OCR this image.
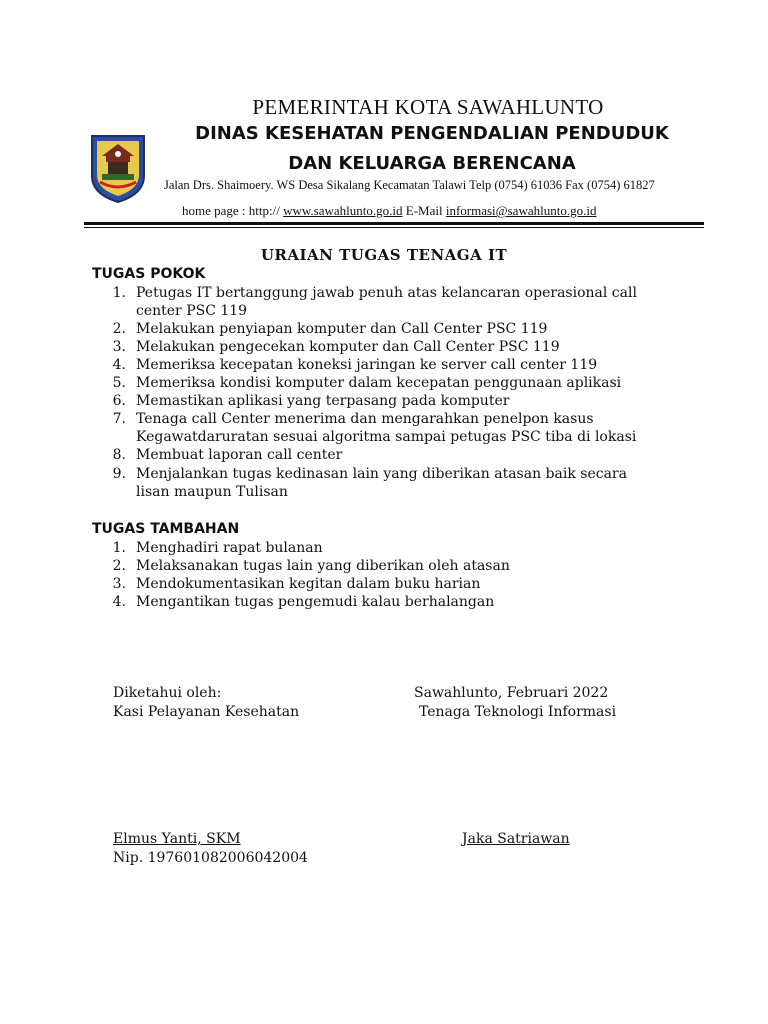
PEMERINTAH KOTA SAWAHLUNTO
DINAS KESEHATAN PENGENDALIAN PENDUDUK
DAN KELUARGA BERENCANA
Jalan Drs. Shaimoery. WS Desa Sikalang Kecamatan Talawi Telp (0754) 61036 Fax (0754) 61827
home page : http:// www.sawahlunto.go.id E-Mail informasi@sawahlunto.go.id
URAIAN TUGAS TENAGA IT
TUGAS POKOK
1. Petugas IT bertanggung jawab penuh atas kelancaran operasional call
center PSC 119
2. Melakukan penyiapan komputer dan Call Center PSC 119
3. Melakukan pengecekan komputer dan Call Center PSC 119
4. Memeriksa kecepatan koneksi jaringan ke server call center 119
5. Memeriksa kondisi komputer dalam kecepatan penggunaan aplikasi
6. Memastikan aplikasi yang terpasang pada komputer
7. Tenaga call Center menerima dan mengarahkan penelpon kasus
Kegawatdaruratan sesuai algoritma sampai petugas PSC tiba di lokasi
8. Membuat laporan call center
9. Menjalankan tugas kedinasan lain yang diberikan atasan baik secara
lisan maupun Tulisan
TUGAS TAMBAHAN
1. Menghadiri rapat bulanan
2. Melaksanakan tugas lain yang diberikan oleh atasan
3. Mendokumentasikan kegitan dalam buku harian
4. Mengantikan tugas pengemudi kalau berhalangan
Diketahui oleh:
Kasi Pelayanan Kesehatan
Sawahlunto, Februari 2022
Tenaga Teknologi Informasi
Elmus Yanti, SKM
Nip. 197601082006042004
Jaka Satriawan
